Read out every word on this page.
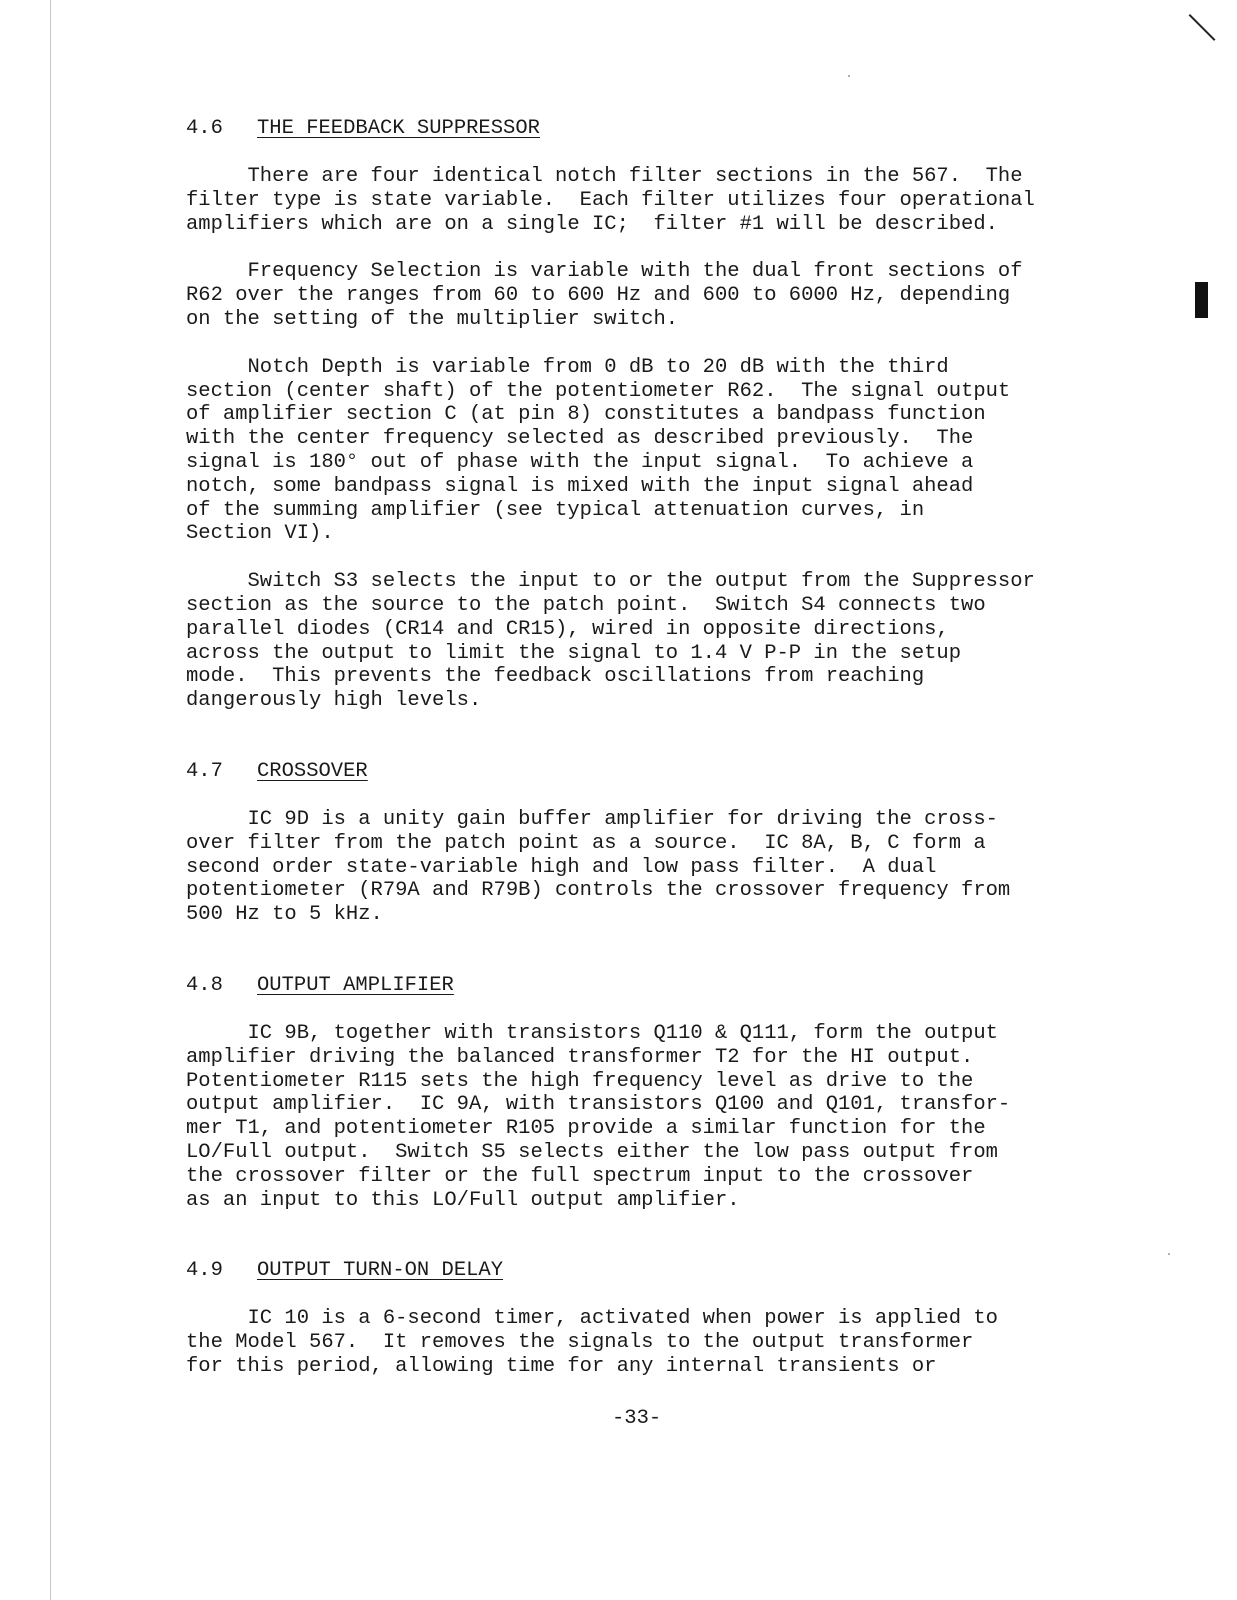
4.6 THE FEEDBACK SUPPRESSOR

There are four identical notch filter sections in the 567.  The
filter type is state variable.  Each filter utilizes four operational
amplifiers which are on a single IC;  filter #1 will be described.

Frequency Selection is variable with the dual front sections of
R62 over the ranges from 60 to 600 Hz and 600 to 6000 Hz, depending
on the setting of the multiplier switch.

Notch Depth is variable from 0 dB to 20 dB with the third
section (center shaft) of the potentiometer R62.  The signal output
of amplifier section C (at pin 8) constitutes a bandpass function
with the center frequency selected as described previously.  The
signal is 180° out of phase with the input signal.  To achieve a
notch, some bandpass signal is mixed with the input signal ahead
of the summing amplifier (see typical attenuation curves, in
Section VI).

Switch S3 selects the input to or the output from the Suppressor
section as the source to the patch point.  Switch S4 connects two
parallel diodes (CR14 and CR15), wired in opposite directions,
across the output to limit the signal to 1.4 V P-P in the setup
mode.  This prevents the feedback oscillations from reaching
dangerously high levels.

4.7 CROSSOVER

IC 9D is a unity gain buffer amplifier for driving the cross-
over filter from the patch point as a source.  IC 8A, B, C form a
second order state-variable high and low pass filter.  A dual
potentiometer (R79A and R79B) controls the crossover frequency from
500 Hz to 5 kHz.

4.8 OUTPUT AMPLIFIER

IC 9B, together with transistors Q110 & Q111, form the output
amplifier driving the balanced transformer T2 for the HI output.
Potentiometer R115 sets the high frequency level as drive to the
output amplifier.  IC 9A, with transistors Q100 and Q101, transfor-
mer T1, and potentiometer R105 provide a similar function for the
LO/Full output.  Switch S5 selects either the low pass output from
the crossover filter or the full spectrum input to the crossover
as an input to this LO/Full output amplifier.

4.9 OUTPUT TURN-ON DELAY

IC 10 is a 6-second timer, activated when power is applied to
the Model 567.  It removes the signals to the output transformer
for this period, allowing time for any internal transients or

-33-
